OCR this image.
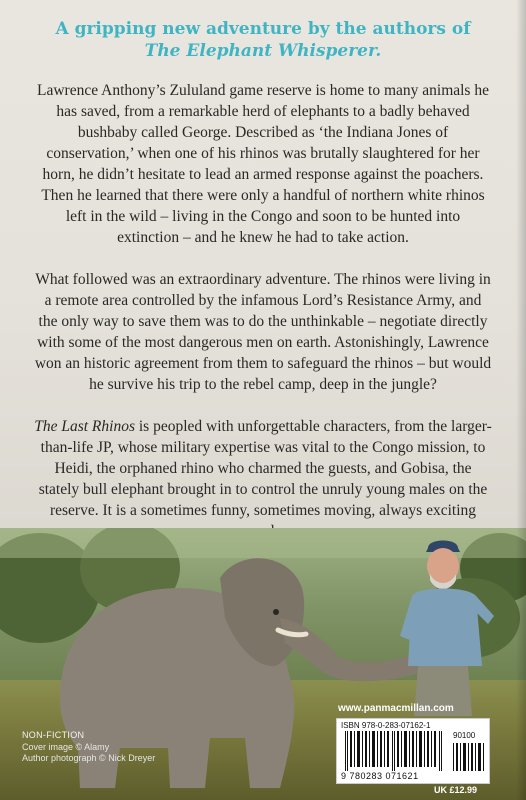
A gripping new adventure by the authors of
The Elephant Whisperer.

Lawrence Anthony’s Zululand game reserve is home to many animals he has saved, from a remarkable herd of elephants to a badly behaved bushbaby called George. Described as ‘the Indiana Jones of conservation,’ when one of his rhinos was brutally slaughtered for her horn, he didn’t hesitate to lead an armed response against the poachers. Then he learned that there were only a handful of northern white rhinos left in the wild – living in the Congo and soon to be hunted into extinction – and he knew he had to take action.

What followed was an extraordinary adventure. The rhinos were living in a remote area controlled by the infamous Lord’s Resistance Army, and the only way to save them was to do the unthinkable – negotiate directly with some of the most dangerous men on earth. Astonishingly, Lawrence won an historic agreement from them to safeguard the rhinos – but would he survive his trip to the rebel camp, deep in the jungle?

The Last Rhinos is peopled with unforgettable characters, from the larger-than-life JP, whose military expertise was vital to the Congo mission, to Heidi, the orphaned rhino who charmed the guests, and Gobisa, the stately bull elephant brought in to control the unruly young males on the reserve. It is a sometimes funny, sometimes moving, always exciting

NON-FICTION
Cover image © Alamy
Author photograph © Nick Dreyer
www.panmacmillan.com
ISBN 978-0-283-07162-1
90100
9 780283 071621
UK £12.99
